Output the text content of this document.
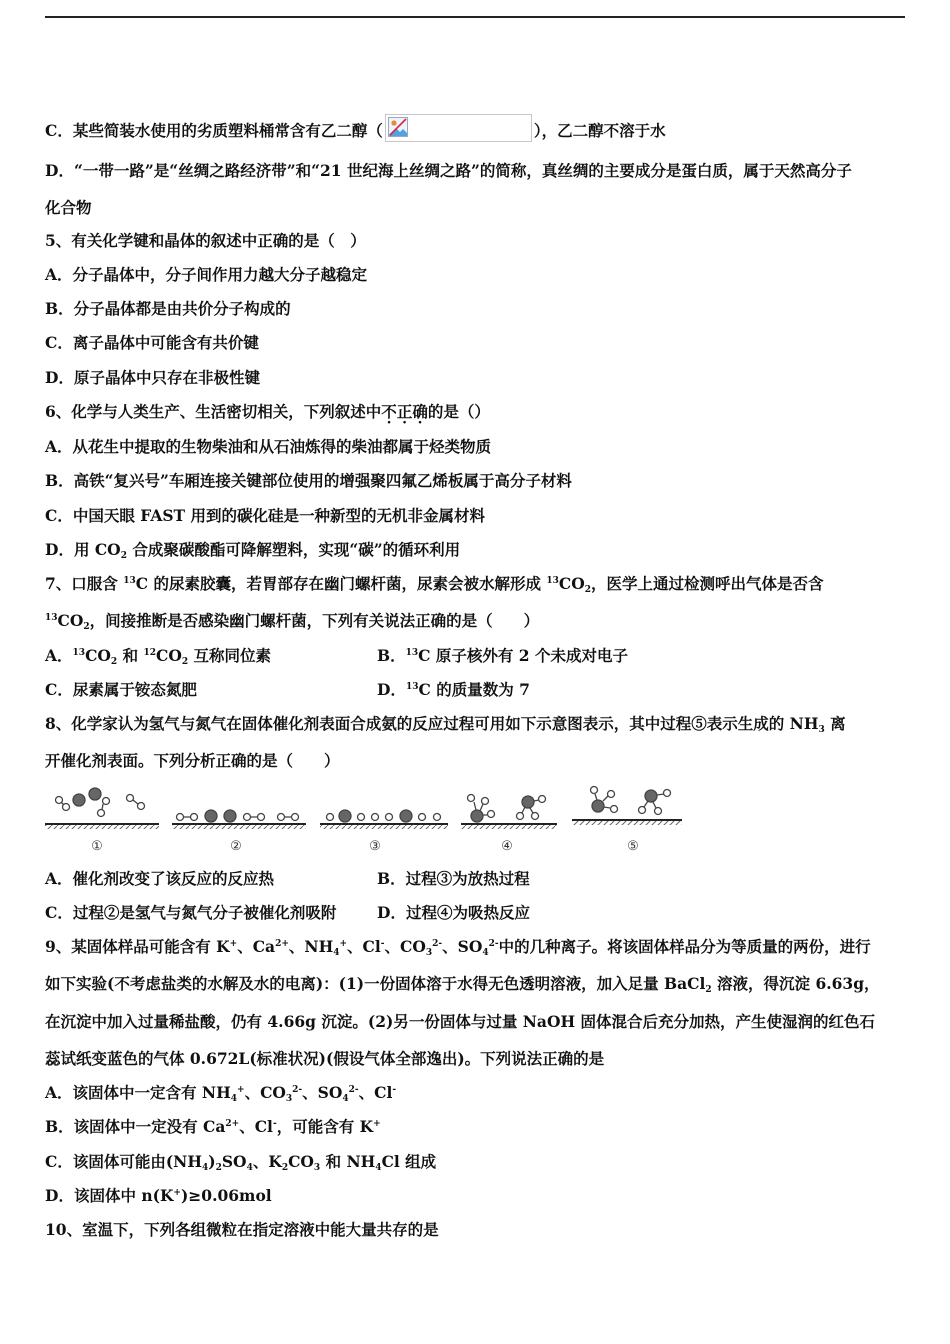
C．某些简装水使用的劣质塑料桶常含有乙二醇（	），乙二醇不溶于水
D．“一带一路”是“丝绸之路经济带”和“21 世纪海上丝绸之路”的简称，真丝绸的主要成分是蛋白质，属于天然高分子
化合物
5、有关化学键和晶体的叙述中正确的是（　）
A．分子晶体中，分子间作用力越大分子越稳定
B．分子晶体都是由共价分子构成的
C．离子晶体中可能含有共价键
D．原子晶体中只存在非极性键
6、化学与人类生产、生活密切相关，下列叙述中不正确的是（）
A．从花生中提取的生物柴油和从石油炼得的柴油都属于烃类物质
B．高铁“复兴号”车厢连接关键部位使用的增强聚四氟乙烯板属于高分子材料
C．中国天眼 FAST 用到的碳化硅是一种新型的无机非金属材料
D．用 $CO_2$ 合成聚碳酸酯可降解塑料，实现“碳”的循环利用
7、口服含 $^{13}$C 的尿素胶囊，若胃部存在幽门螺杆菌，尿素会被水解形成 $^{13}CO_2$，医学上通过检测呼出气体是否含
$^{13}CO_2$，间接推断是否感染幽门螺杆菌，下列有关说法正确的是（　　）
A．$^{13}CO_2$ 和 $^{12}CO_2$ 互称同位素	B．$^{13}$C 原子核外有 2 个未成对电子
C．尿素属于铵态氮肥	D．$^{13}$C 的质量数为 7
8、化学家认为氢气与氮气在固体催化剂表面合成氨的反应过程可用如下示意图表示，其中过程⑤表示生成的 $NH_3$ 离
开催化剂表面。下列分析正确的是（　　）
①	②	③	④	⑤
A．催化剂改变了该反应的反应热	B．过程③为放热过程
C．过程②是氢气与氮气分子被催化剂吸附	D．过程④为吸热反应
9、某固体样品可能含有 K+、$Ca^{2+}$、$NH_4^+$、Cl-、$CO_3^{2-}$、$SO_4^{2-}$中的几种离子。将该固体样品分为等质量的两份，进行
如下实验(不考虑盐类的水解及水的电离)：(1)一份固体溶于水得无色透明溶液，加入足量 BaCl$_2$ 溶液，得沉淀 6.63g，
在沉淀中加入过量稀盐酸，仍有 4.66g 沉淀。(2)另一份固体与过量 NaOH 固体混合后充分加热，产生使湿润的红色石
蕊试纸变蓝色的气体 0.672L(标准状况)(假设气体全部逸出)。下列说法正确的是
A．该固体中一定含有 $NH_4^+$、$CO_3^{2-}$、$SO_4^{2-}$、Cl-
B．该固体中一定没有 $Ca^{2+}$、Cl-，可能含有 K+
C．该固体可能由$(NH_4)_2SO_4$、$K_2CO_3$ 和 $NH_4Cl$ 组成
D．该固体中 n(K+)≥0.06mol
10、室温下，下列各组微粒在指定溶液中能大量共存的是
